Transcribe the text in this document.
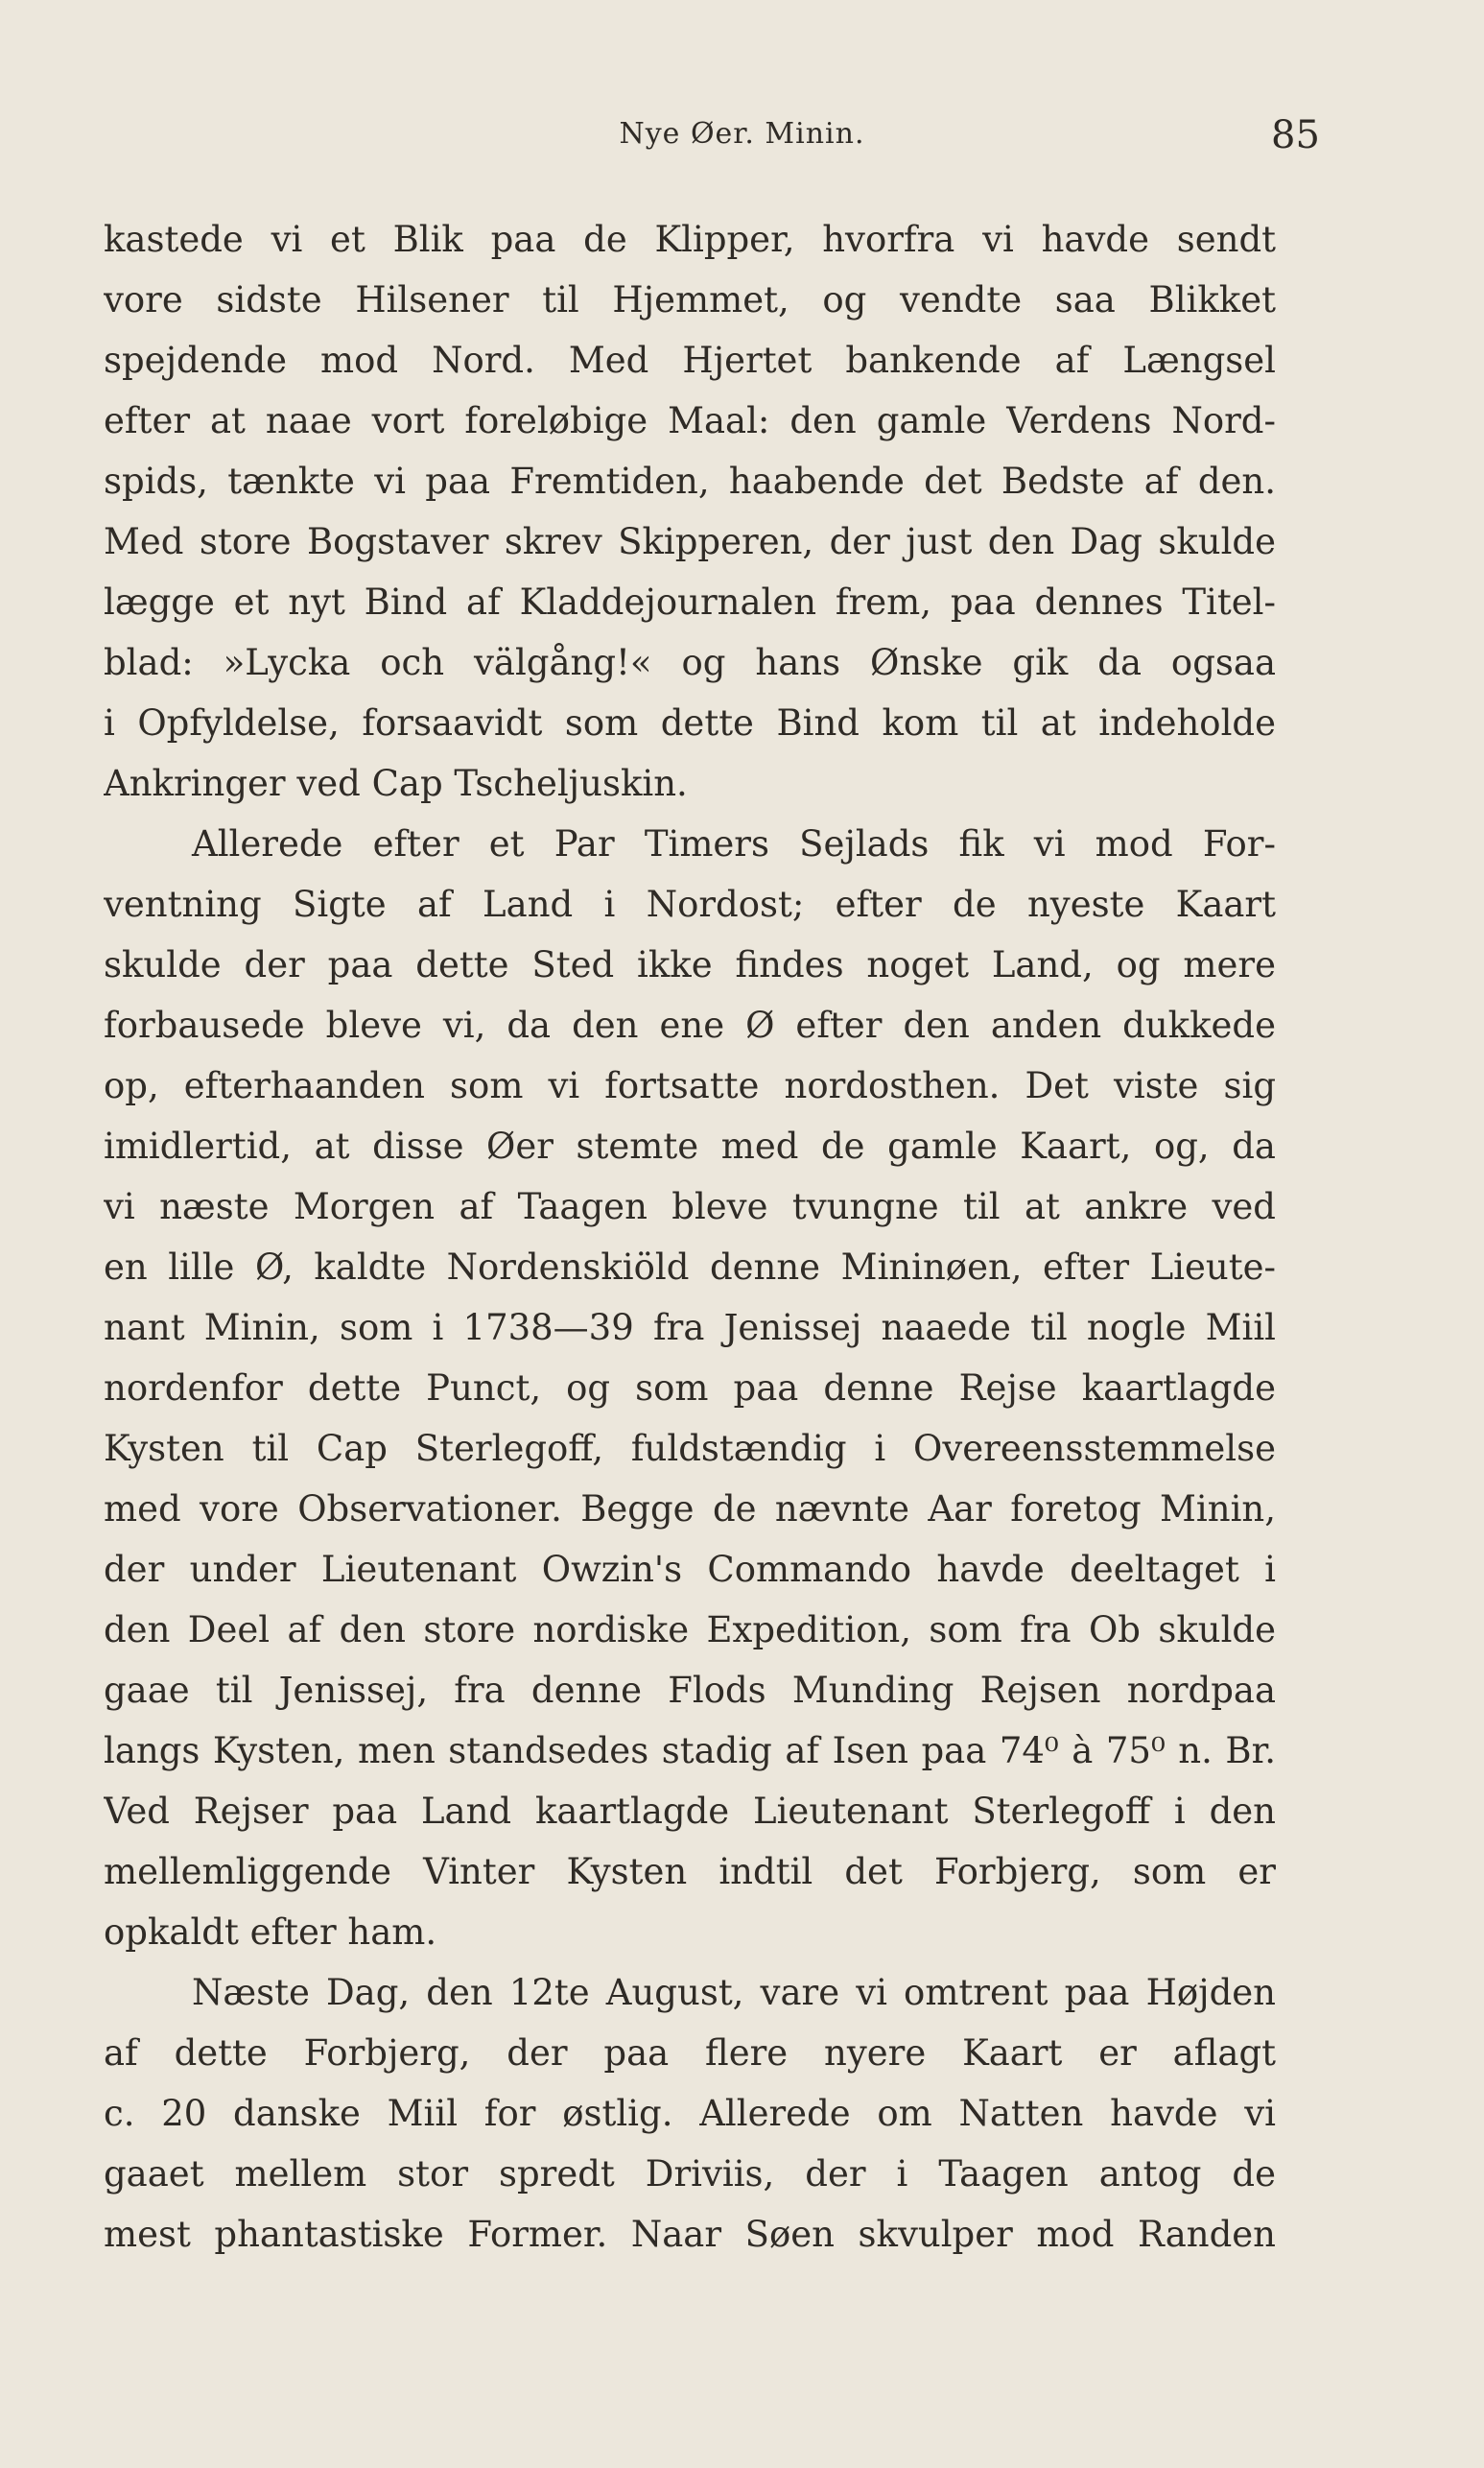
Nye Øer. Minin.	85
kastede vi et Blik paa de Klipper, hvorfra vi havde sendt
vore sidste Hilsener til Hjemmet, og vendte saa Blikket
spejdende mod Nord. Med Hjertet bankende af Længsel
efter at naae vort foreløbige Maal: den gamle Verdens Nord-
spids, tænkte vi paa Fremtiden, haabende det Bedste af den.
Med store Bogstaver skrev Skipperen, der just den Dag skulde
lægge et nyt Bind af Kladdejournalen frem, paa dennes Titel-
blad: »Lycka och välgång!« og hans Ønske gik da ogsaa
i Opfyldelse, forsaavidt som dette Bind kom til at indeholde
Ankringer ved Cap Tscheljuskin.
Allerede efter et Par Timers Sejlads fik vi mod For-
ventning Sigte af Land i Nordost; efter de nyeste Kaart
skulde der paa dette Sted ikke findes noget Land, og mere
forbausede bleve vi, da den ene Ø efter den anden dukkede
op, efterhaanden som vi fortsatte nordosthen. Det viste sig
imidlertid, at disse Øer stemte med de gamle Kaart, og, da
vi næste Morgen af Taagen bleve tvungne til at ankre ved
en lille Ø, kaldte Nordenskiöld denne Mininøen, efter Lieute-
nant Minin, som i 1738—39 fra Jenissej naaede til nogle Miil
nordenfor dette Punct, og som paa denne Rejse kaartlagde
Kysten til Cap Sterlegoff, fuldstændig i Overeensstemmelse
med vore Observationer. Begge de nævnte Aar foretog Minin,
der under Lieutenant Owzin's Commando havde deeltaget i
den Deel af den store nordiske Expedition, som fra Ob skulde
gaae til Jenissej, fra denne Flods Munding Rejsen nordpaa
langs Kysten, men standsedes stadig af Isen paa 74⁰ à 75⁰ n. Br.
Ved Rejser paa Land kaartlagde Lieutenant Sterlegoff i den
mellemliggende Vinter Kysten indtil det Forbjerg, som er
opkaldt efter ham.
Næste Dag, den 12te August, vare vi omtrent paa Højden
af dette Forbjerg, der paa flere nyere Kaart er aflagt
c. 20 danske Miil for østlig. Allerede om Natten havde vi
gaaet mellem stor spredt Driviis, der i Taagen antog de
mest phantastiske Former. Naar Søen skvulper mod Randen
